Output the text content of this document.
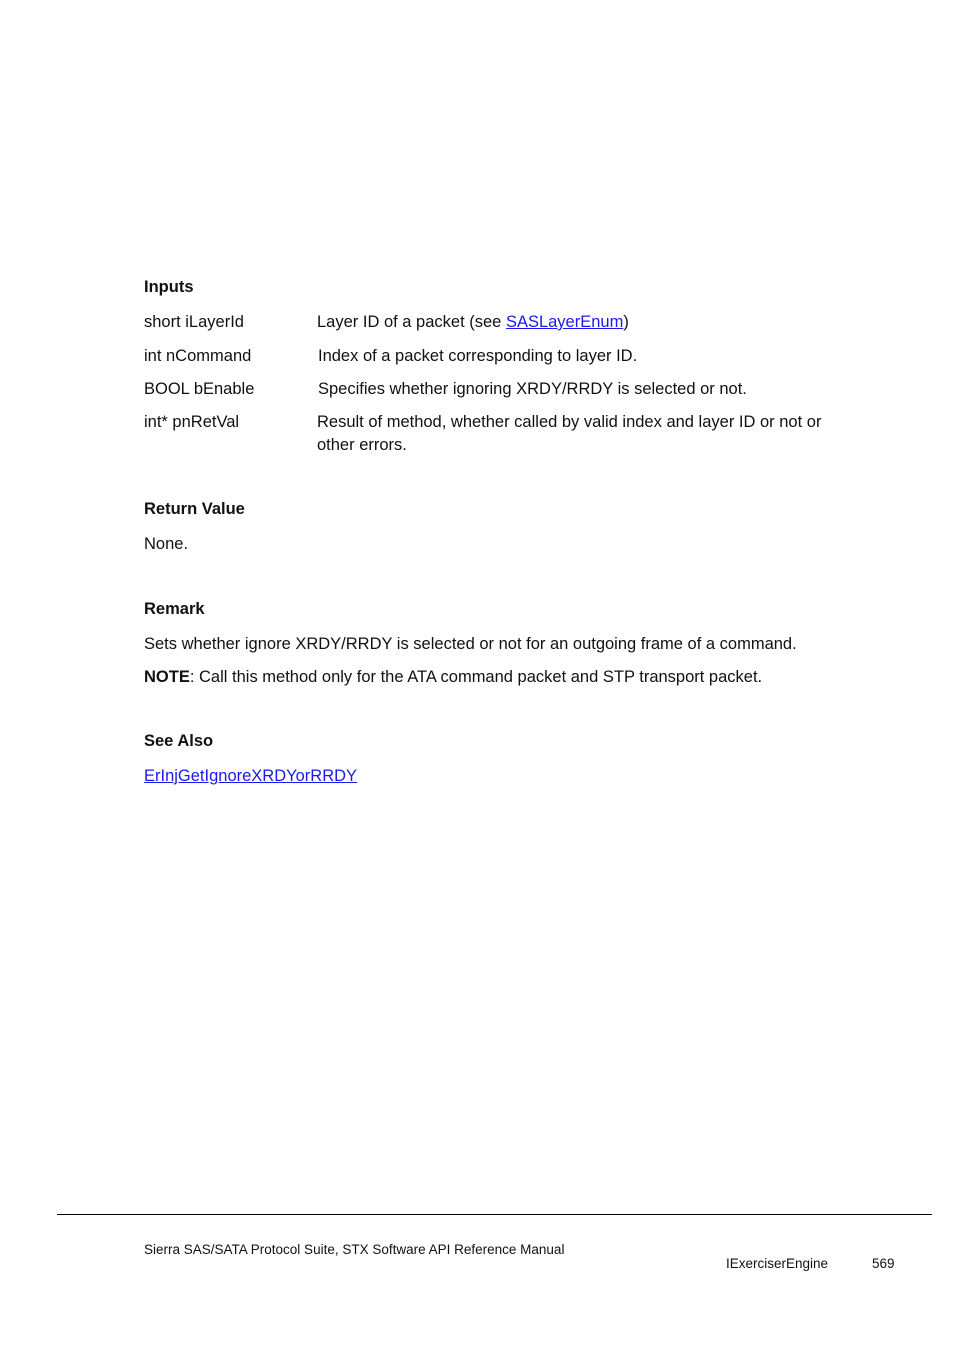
Inputs
short iLayerId	Layer ID of a packet (see SASLayerEnum)
int nCommand	Index of a packet corresponding to layer ID.
BOOL bEnable	Specifies whether ignoring XRDY/RRDY is selected or not.
int* pnRetVal	Result of method, whether called by valid index and layer ID or not or
other errors.
Return Value
None.
Remark
Sets whether ignore XRDY/RRDY is selected or not for an outgoing frame of a command.
NOTE: Call this method only for the ATA command packet and STP transport packet.
See Also
ErInjGetIgnoreXRDYorRRDY
Sierra SAS/SATA Protocol Suite, STX Software API Reference Manual
IExerciserEngine	569
